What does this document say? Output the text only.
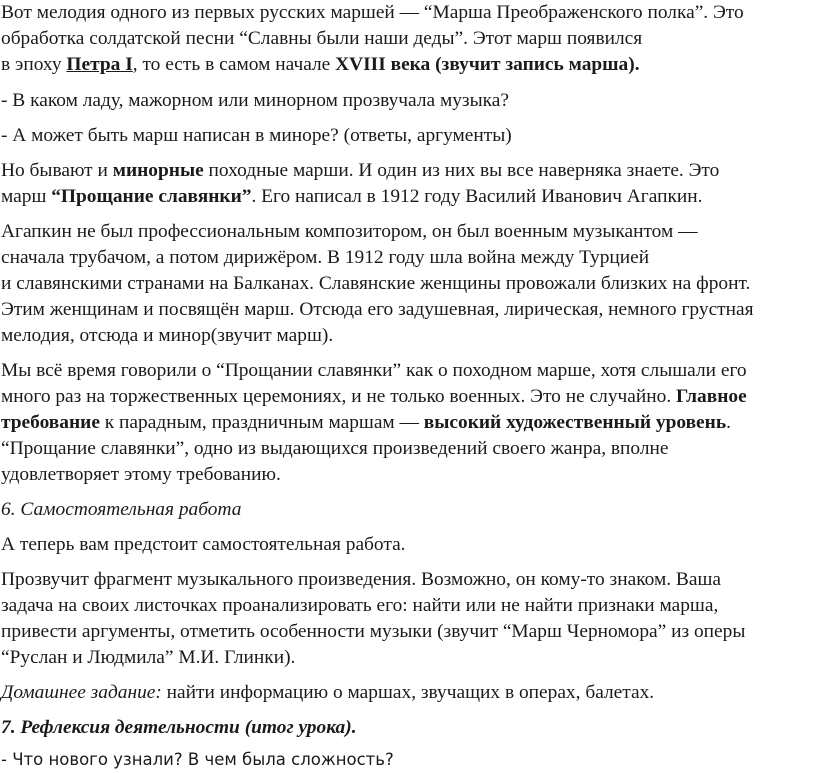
Вот мелодия одного из первых русских маршей — “Марша Преображенского полка”. Это

обработка солдатской песни “Славны были наши деды”. Этот марш появился

в эпоху Петра I, то есть в самом начале XVIII века (звучит запись марша).

- В каком ладу, мажорном или минорном прозвучала музыка?

- А может быть марш написан в миноре? (ответы, аргументы)

Но бывают и минорные походные марши. И один из них вы все наверняка знаете. Это

марш “Прощание славянки”. Его написал в 1912 году Василий Иванович Агапкин.

Агапкин не был профессиональным композитором, он был военным музыкантом —

сначала трубачом, а потом дирижёром. В 1912 году шла война между Турцией

и славянскими странами на Балканах. Славянские женщины провожали близких на фронт.

Этим женщинам и посвящён марш. Отсюда его задушевная, лирическая, немного грустная

мелодия, отсюда и минор(звучит марш).

Мы всё время говорили о “Прощании славянки” как о походном марше, хотя слышали его

много раз на торжественных церемониях, и не только военных. Это не случайно. Главное

требование к парадным, праздничным маршам — высокий художественный уровень.

“Прощание славянки”, одно из выдающихся произведений своего жанра, вполне

удовлетворяет этому требованию.

6. Самостоятельная работа

А теперь вам предстоит самостоятельная работа.

Прозвучит фрагмент музыкального произведения. Возможно, он кому-то знаком. Ваша

задача на своих листочках проанализировать его: найти или не найти признаки марша,

привести аргументы, отметить особенности музыки (звучит “Марш Черномора” из оперы

“Руслан и Людмила” М.И. Глинки).

Домашнее задание: найти информацию о маршах, звучащих в операх, балетах.

7. Рефлексия деятельности (итог урока).

- Что нового узнали? В чем была сложность?
